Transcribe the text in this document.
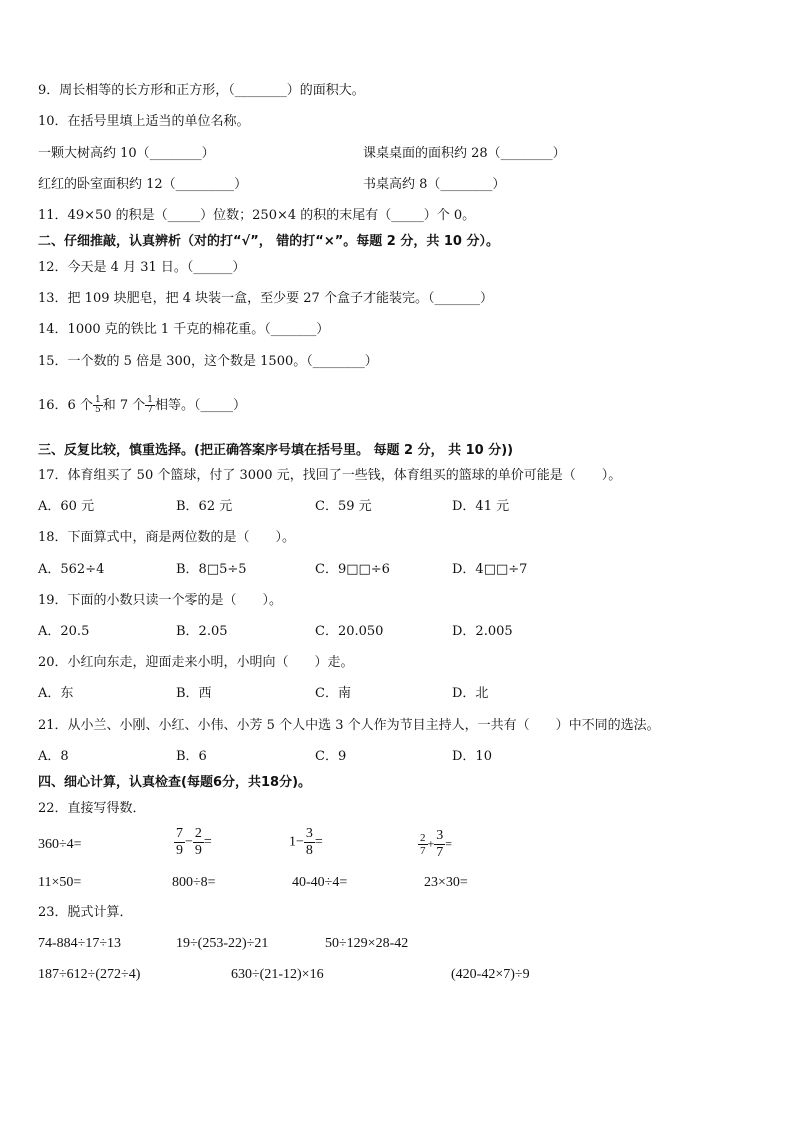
9．周长相等的长方形和正方形，（________）的面积大。
10．在括号里填上适当的单位名称。
一颗大树高约 10（________）	课桌桌面的面积约 28（________）
红红的卧室面积约 12（_________）	书桌高约 8（________）
11．49×50 的积是（_____）位数；250×4 的积的末尾有（_____）个 0。
二、仔细推敲，认真辨析（对的打“√”， 错的打“×”。每题 2 分，共 10 分）。
12．今天是 4 月 31 日。（______）
13．把 109 块肥皂，把 4 块装一盒，至少要 27 个盒子才能装完。（_______）
14．1000 克的铁比 1 千克的棉花重。（_______）
15．一个数的 5 倍是 300，这个数是 1500。（________）
16．6 个 $\frac{1}{5}$ 和 7 个 $\frac{1}{7}$ 相等。（_____）
三、反复比较，慎重选择。(把正确答案序号填在括号里。 每题 2 分， 共 10 分))
17．体育组买了 50 个篮球，付了 3000 元，找回了一些钱，体育组买的篮球的单价可能是（　　）。
A．60 元	B．62 元	C．59 元	D．41 元
18．下面算式中，商是两位数的是（　　）。
A．562÷4	B．8□5÷5	C．9□□÷6	D．4□□÷7
19．下面的小数只读一个零的是（　　）。
A．20.5	B．2.05	C．20.050	D．2.005
20．小红向东走，迎面走来小明，小明向（　　）走。
A．东	B．西	C．南	D．北
21．从小兰、小刚、小红、小伟、小芳 5 个人中选 3 个人作为节目主持人，一共有（　　）中不同的选法。
A．8	B．6	C．9	D．10
四、细心计算，认真检查(每题6分，共18分)。
22．直接写得数．
360÷4=	$\frac{7}{9} - \frac{2}{9}$ =	$1- \frac{3}{8}$ =	$\frac{2}{7} + \frac{3}{7}$ =
11×50=	800÷8=	40-40÷4=	23×30=
23．脱式计算．
74-884÷17÷13	19÷(253-22)÷21	50÷129×28-42
187÷612÷(272÷4)	630÷(21-12)×16	(420-42×7)÷9
